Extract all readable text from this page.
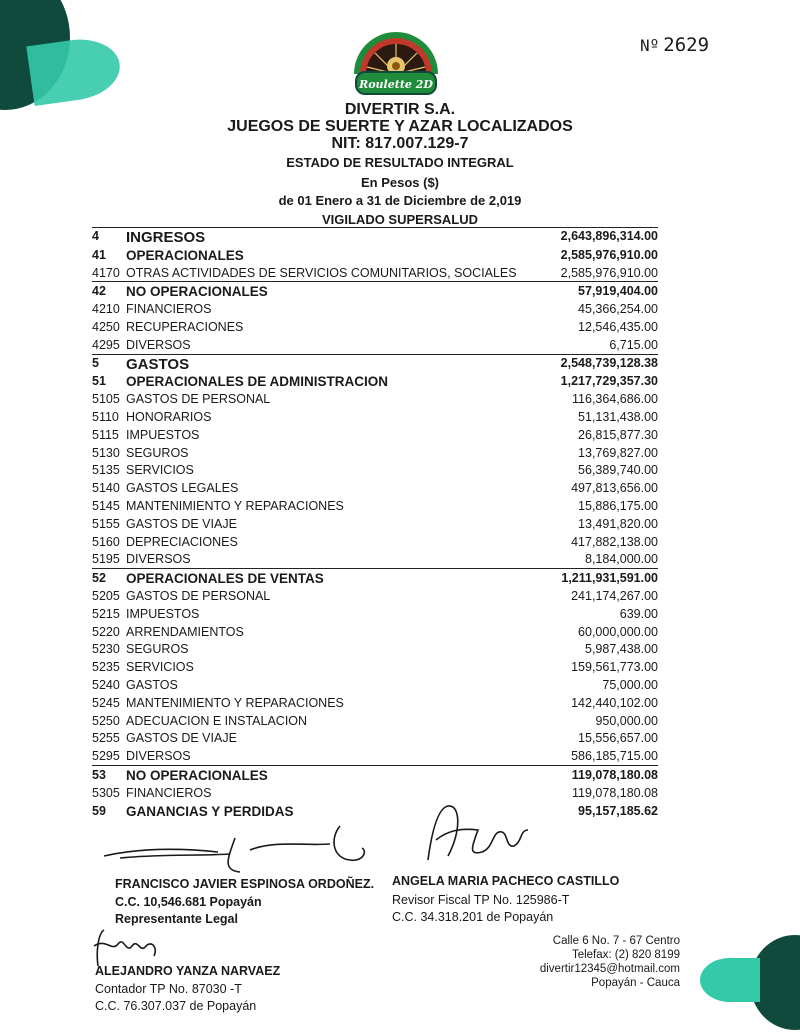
Nº 2629
Roulette 2D
DIVERTIR S.A.
JUEGOS DE SUERTE Y AZAR LOCALIZADOS
NIT: 817.007.129-7
ESTADO DE RESULTADO INTEGRAL
En Pesos ($)
de 01 Enero a 31 de Diciembre de 2,019
VIGILADO SUPERSALUD
4 INGRESOS	2,643,896,314.00
41 OPERACIONALES	2,585,976,910.00
4170 OTRAS ACTIVIDADES DE SERVICIOS COMUNITARIOS, SOCIALES	2,585,976,910.00
42 NO OPERACIONALES	57,919,404.00
4210 FINANCIEROS	45,366,254.00
4250 RECUPERACIONES	12,546,435.00
4295 DIVERSOS	6,715.00
5 GASTOS	2,548,739,128.38
51 OPERACIONALES DE ADMINISTRACION	1,217,729,357.30
5105 GASTOS DE PERSONAL	116,364,686.00
5110 HONORARIOS	51,131,438.00
5115 IMPUESTOS	26,815,877.30
5130 SEGUROS	13,769,827.00
5135 SERVICIOS	56,389,740.00
5140 GASTOS LEGALES	497,813,656.00
5145 MANTENIMIENTO Y REPARACIONES	15,886,175.00
5155 GASTOS DE VIAJE	13,491,820.00
5160 DEPRECIACIONES	417,882,138.00
5195 DIVERSOS	8,184,000.00
52 OPERACIONALES DE VENTAS	1,211,931,591.00
5205 GASTOS DE PERSONAL	241,174,267.00
5215 IMPUESTOS	639.00
5220 ARRENDAMIENTOS	60,000,000.00
5230 SEGUROS	5,987,438.00
5235 SERVICIOS	159,561,773.00
5240 GASTOS	75,000.00
5245 MANTENIMIENTO Y REPARACIONES	142,440,102.00
5250 ADECUACION E INSTALACION	950,000.00
5255 GASTOS DE VIAJE	15,556,657.00
5295 DIVERSOS	586,185,715.00
53 NO OPERACIONALES	119,078,180.08
5305 FINANCIEROS	119,078,180.08
59 GANANCIAS Y PERDIDAS	95,157,185.62
FRANCISCO JAVIER ESPINOSA ORDOÑEZ.
C.C. 10,546.681 Popayán
Representante Legal
ANGELA MARIA PACHECO CASTILLO
Revisor Fiscal TP No. 125986-T
C.C. 34.318.201 de Popayán
ALEJANDRO YANZA NARVAEZ
Contador TP No. 87030 -T
C.C. 76.307.037 de Popayán
Calle 6 No. 7 - 67 Centro
Telefax: (2) 820 8199
divertir12345@hotmail.com
Popayán - Cauca
